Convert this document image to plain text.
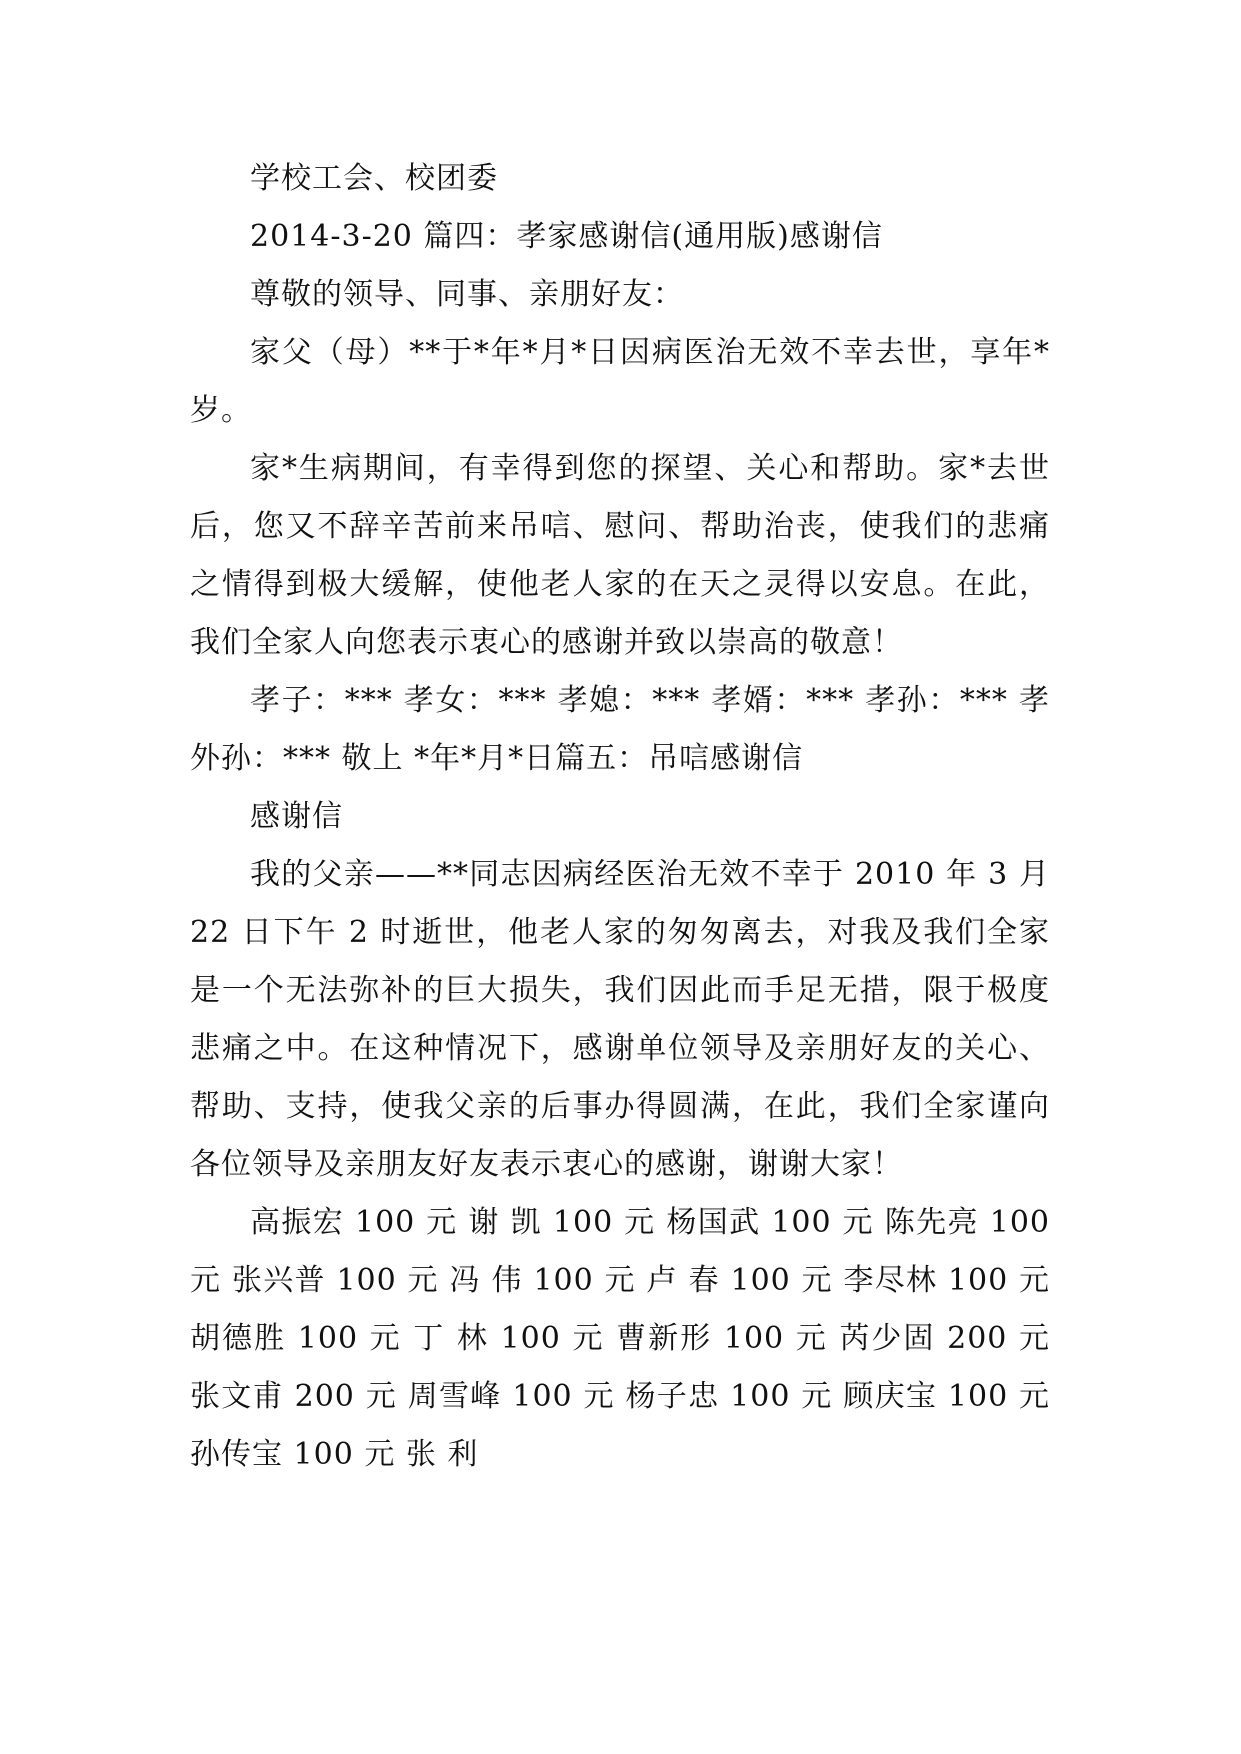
学校工会、校团委

2014-3-20 篇四：孝家感谢信(通用版)感谢信

尊敬的领导、同事、亲朋好友：

家父（母）**于*年*月*日因病医治无效不幸去世，享年*岁。

家*生病期间，有幸得到您的探望、关心和帮助。家*去世后，您又不辞辛苦前来吊唁、慰问、帮助治丧，使我们的悲痛之情得到极大缓解，使他老人家的在天之灵得以安息。在此，我们全家人向您表示衷心的感谢并致以崇高的敬意！

孝子：*** 孝女：*** 孝媳：*** 孝婿：*** 孝孙：*** 孝外孙：*** 敬上 *年*月*日篇五：吊唁感谢信

感谢信

我的父亲——**同志因病经医治无效不幸于 2010 年 3 月 22 日下午 2 时逝世，他老人家的匆匆离去，对我及我们全家是一个无法弥补的巨大损失，我们因此而手足无措，限于极度悲痛之中。在这种情况下，感谢单位领导及亲朋好友的关心、帮助、支持，使我父亲的后事办得圆满，在此，我们全家谨向各位领导及亲朋友好友表示衷心的感谢，谢谢大家！

高振宏 100 元 谢 凯 100 元 杨国武 100 元 陈先亮 100 元 张兴普 100 元 冯 伟 100 元 卢 春 100 元 李尽林 100 元 胡德胜 100 元 丁 林 100 元 曹新形 100 元 芮少固 200 元 张文甫 200 元 周雪峰 100 元 杨子忠 100 元 顾庆宝 100 元 孙传宝 100 元 张 利
